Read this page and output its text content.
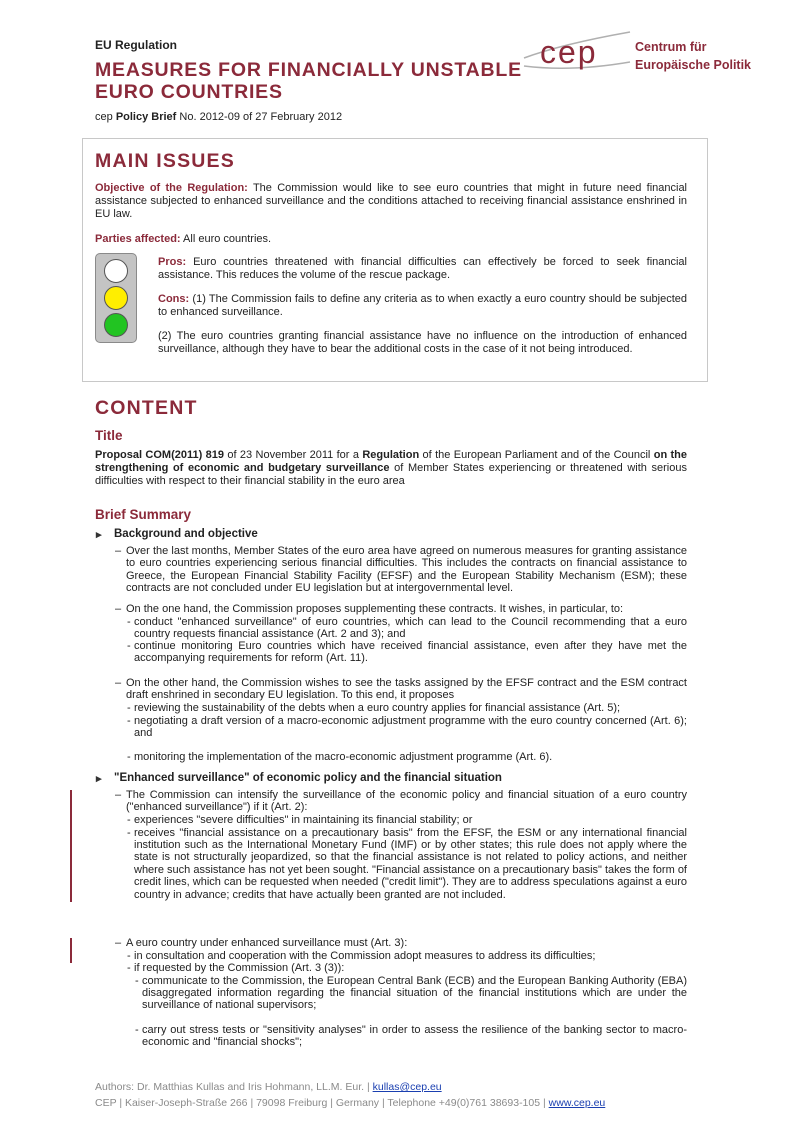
EU Regulation
MEASURES FOR FINANCIALLY UNSTABLE
EURO COUNTRIES
cep Policy Brief No. 2012-09 of 27 February 2012
cep	Centrum für
Europäische Politik
MAIN ISSUES
Objective of the Regulation: The Commission would like to see euro countries that might in future need financial assistance subjected to enhanced surveillance and the conditions attached to receiving financial assistance enshrined in EU law.
Parties affected: All euro countries.
Pros: Euro countries threatened with financial difficulties can effectively be forced to seek financial assistance. This reduces the volume of the rescue package.
Cons: (1) The Commission fails to define any criteria as to when exactly a euro country should be subjected to enhanced surveillance.
(2) The euro countries granting financial assistance have no influence on the introduction of enhanced surveillance, although they have to bear the additional costs in the case of it not being introduced.
CONTENT
Title
Proposal COM(2011) 819 of 23 November 2011 for a Regulation of the European Parliament and of the Council on the strengthening of economic and budgetary surveillance of Member States experiencing or threatened with serious difficulties with respect to their financial stability in the euro area
Brief Summary
▸ Background and objective
– Over the last months, Member States of the euro area have agreed on numerous measures for granting assistance to euro countries experiencing serious financial difficulties. This includes the contracts on financial assistance to Greece, the European Financial Stability Facility (EFSF) and the European Stability Mechanism (ESM); these contracts are not concluded under EU legislation but at intergovernmental level.
– On the one hand, the Commission proposes supplementing these contracts. It wishes, in particular, to:
- conduct "enhanced surveillance" of euro countries, which can lead to the Council recommending that a euro country requests financial assistance (Art. 2 and 3); and
- continue monitoring Euro countries which have received financial assistance, even after they have met the accompanying requirements for reform (Art. 11).
– On the other hand, the Commission wishes to see the tasks assigned by the EFSF contract and the ESM contract draft enshrined in secondary EU legislation. To this end, it proposes
- reviewing the sustainability of the debts when a euro country applies for financial assistance (Art. 5);
- negotiating a draft version of a macro-economic adjustment programme with the euro country concerned (Art. 6); and
- monitoring the implementation of the macro-economic adjustment programme (Art. 6).
▸ "Enhanced surveillance" of economic policy and the financial situation
– The Commission can intensify the surveillance of the economic policy and financial situation of a euro country ("enhanced surveillance") if it (Art. 2):
- experiences "severe difficulties" in maintaining its financial stability; or
- receives "financial assistance on a precautionary basis" from the EFSF, the ESM or any international financial institution such as the International Monetary Fund (IMF) or by other states; this rule does not apply where the state is not structurally jeopardized, so that the financial assistance is not related to policy actions, and neither where such assistance has not yet been sought. "Financial assistance on a precautionary basis" takes the form of credit lines, which can be requested when needed ("credit limit"). They are to address speculations against a euro country in advance; credits that have actually been granted are not included.
– A euro country under enhanced surveillance must (Art. 3):
- in consultation and cooperation with the Commission adopt measures to address its difficulties;
- if requested by the Commission (Art. 3 (3)):
- communicate to the Commission, the European Central Bank (ECB) and the European Banking Authority (EBA) disaggregated information regarding the financial situation of the financial institutions which are under the surveillance of national supervisors;
- carry out stress tests or "sensitivity analyses" in order to assess the resilience of the banking sector to macro-economic and "financial shocks";
Authors: Dr. Matthias Kullas and Iris Hohmann, LL.M. Eur. | kullas@cep.eu
CEP | Kaiser-Joseph-Straße 266 | 79098 Freiburg | Germany | Telephone +49(0)761 38693-105 | www.cep.eu
